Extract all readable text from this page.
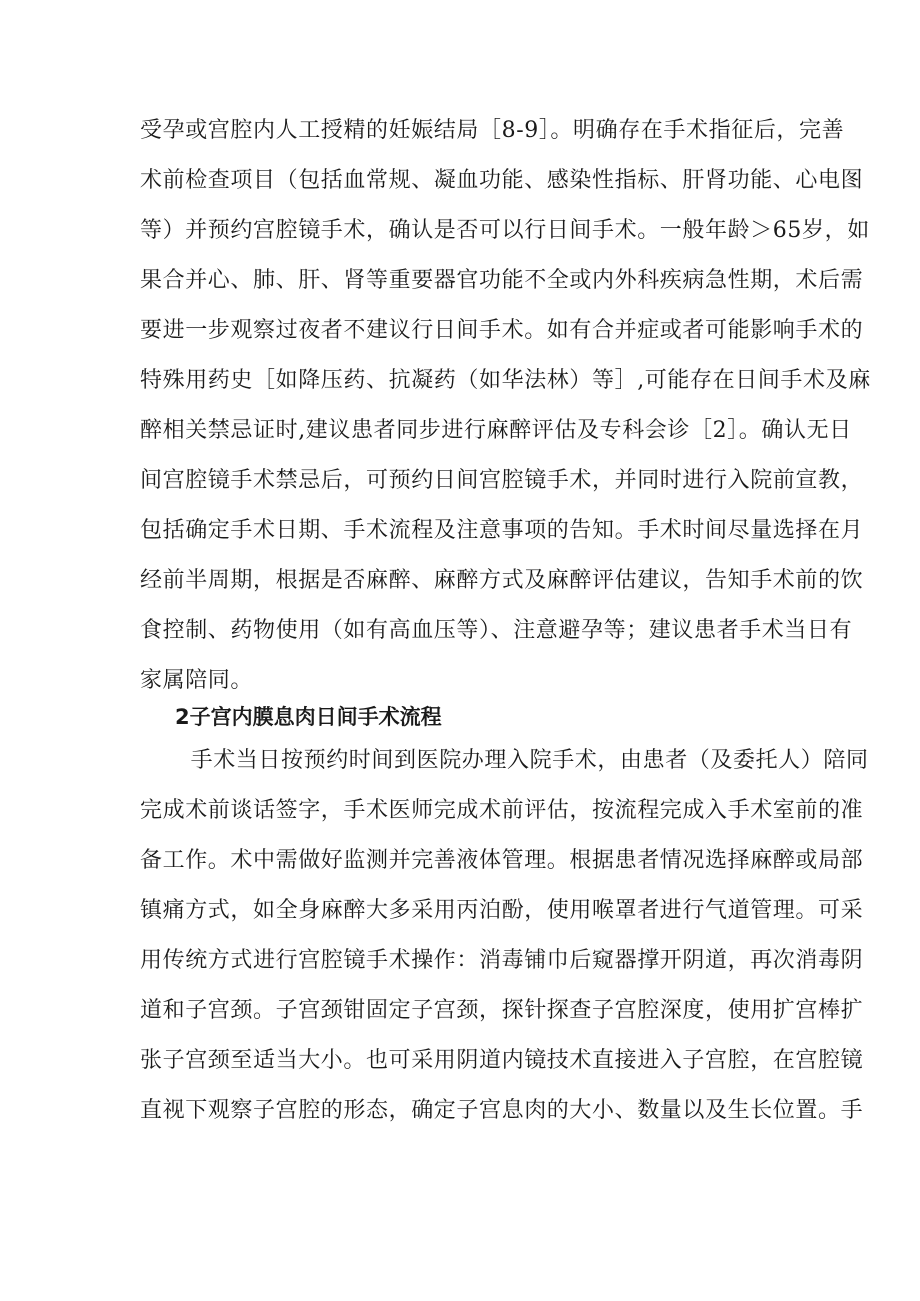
受孕或宫腔内人工授精的妊娠结局［8-9］。明确存在手术指征后，完善
术前检查项目（包括血常规、凝血功能、感染性指标、肝肾功能、心电图
等）并预约宫腔镜手术，确认是否可以行日间手术。一般年龄＞65岁，如
果合并心、肺、肝、肾等重要器官功能不全或内外科疾病急性期，术后需
要进一步观察过夜者不建议行日间手术。如有合并症或者可能影响手术的
特殊用药史［如降压药、抗凝药（如华法林）等］,可能存在日间手术及麻
醉相关禁忌证时,建议患者同步进行麻醉评估及专科会诊［2］。确认无日
间宫腔镜手术禁忌后，可预约日间宫腔镜手术，并同时进行入院前宣教，
包括确定手术日期、手术流程及注意事项的告知。手术时间尽量选择在月
经前半周期，根据是否麻醉、麻醉方式及麻醉评估建议，告知手术前的饮
食控制、药物使用（如有高血压等）、注意避孕等；建议患者手术当日有
家属陪同。
2子宫内膜息肉日间手术流程
　手术当日按预约时间到医院办理入院手术，由患者（及委托人）陪同
完成术前谈话签字，手术医师完成术前评估，按流程完成入手术室前的准
备工作。术中需做好监测并完善液体管理。根据患者情况选择麻醉或局部
镇痛方式，如全身麻醉大多采用丙泊酚，使用喉罩者进行气道管理。可采
用传统方式进行宫腔镜手术操作：消毒铺巾后窥器撑开阴道，再次消毒阴
道和子宫颈。子宫颈钳固定子宫颈，探针探查子宫腔深度，使用扩宫棒扩
张子宫颈至适当大小。也可采用阴道内镜技术直接进入子宫腔，在宫腔镜
直视下观察子宫腔的形态，确定子宫息肉的大小、数量以及生长位置。手
